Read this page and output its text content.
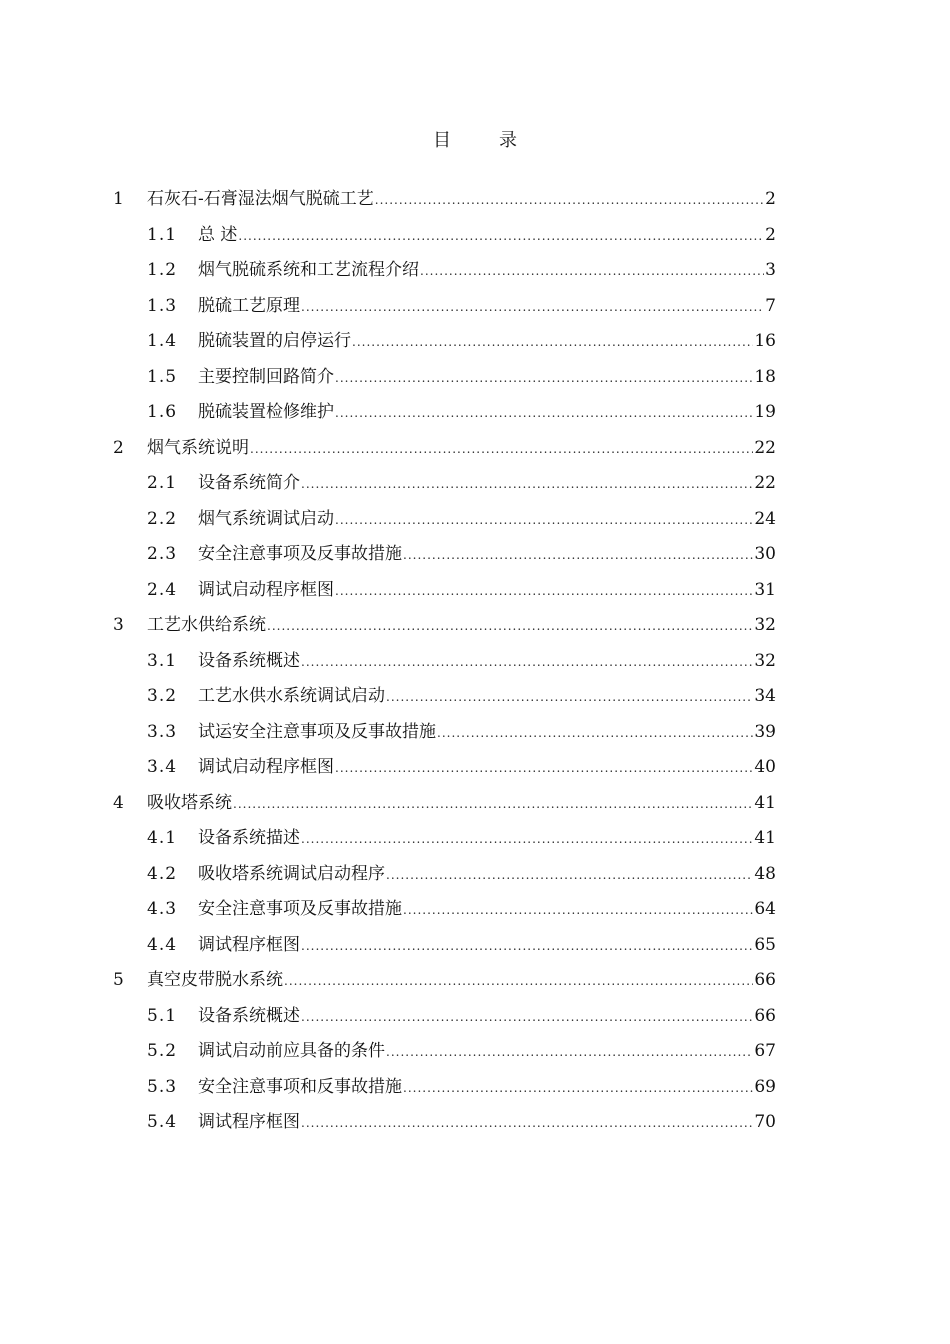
目	录
1	石灰石-石膏湿法烟气脱硫工艺 .....	2
1.1	总 述 .....	2
1.2	烟气脱硫系统和工艺流程介绍 .....	3
1.3	脱硫工艺原理 .....	7
1.4	脱硫装置的启停运行 .....	16
1.5	主要控制回路简介 .....	18
1.6	脱硫装置检修维护 .....	19
2	烟气系统说明 .....	22
2.1	设备系统简介 .....	22
2.2	烟气系统调试启动 .....	24
2.3	安全注意事项及反事故措施 .....	30
2.4	调试启动程序框图 .....	31
3	工艺水供给系统 .....	32
3.1	设备系统概述 .....	32
3.2	工艺水供水系统调试启动 .....	34
3.3	试运安全注意事项及反事故措施 .....	39
3.4	调试启动程序框图 .....	40
4	吸收塔系统 .....	41
4.1	设备系统描述 .....	41
4.2	吸收塔系统调试启动程序 .....	48
4.3	安全注意事项及反事故措施 .....	64
4.4	调试程序框图 .....	65
5	真空皮带脱水系统 .....	66
5.1	设备系统概述 .....	66
5.2	调试启动前应具备的条件 .....	67
5.3	安全注意事项和反事故措施 .....	69
5.4	调试程序框图 .....	70
